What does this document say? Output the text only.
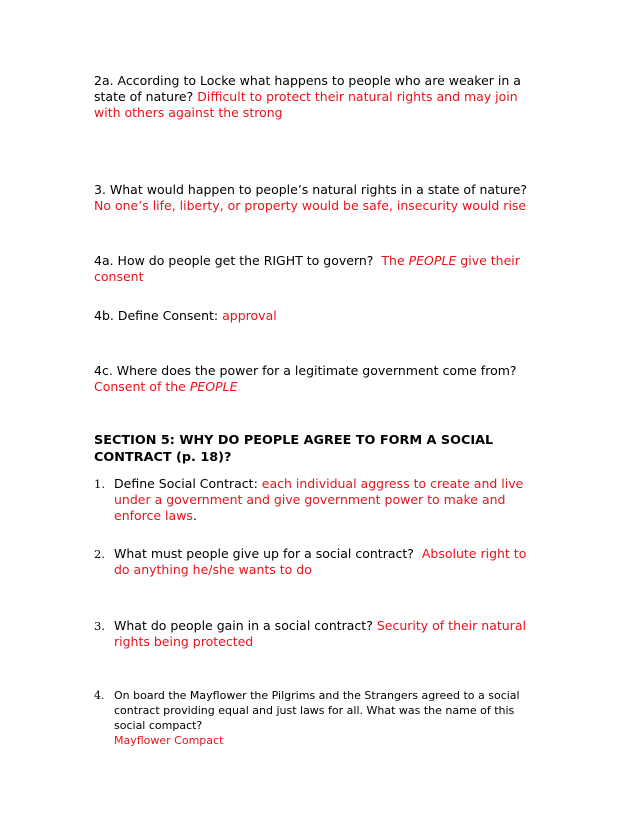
2a. According to Locke what happens to people who are weaker in a state of nature? Difficult to protect their natural rights and may join with others against the strong
3. What would happen to people’s natural rights in a state of nature? No one’s life, liberty, or property would be safe, insecurity would rise
4a. How do people get the RIGHT to govern? The PEOPLE give their consent
4b. Define Consent: approval
4c. Where does the power for a legitimate government come from?  Consent of the PEOPLE
SECTION 5: WHY DO PEOPLE AGREE TO FORM A SOCIAL CONTRACT (p. 18)?
1. Define Social Contract: each individual aggress to create and live under a government and give government power to make and enforce laws.
2. What must people give up for a social contract? Absolute right to do anything he/she wants to do
3. What do people gain in a social contract? Security of their natural rights being protected
4. On board the Mayflower the Pilgrims and the Strangers agreed to a social contract providing equal and just laws for all. What was the name of this social compact?
Mayflower Compact
